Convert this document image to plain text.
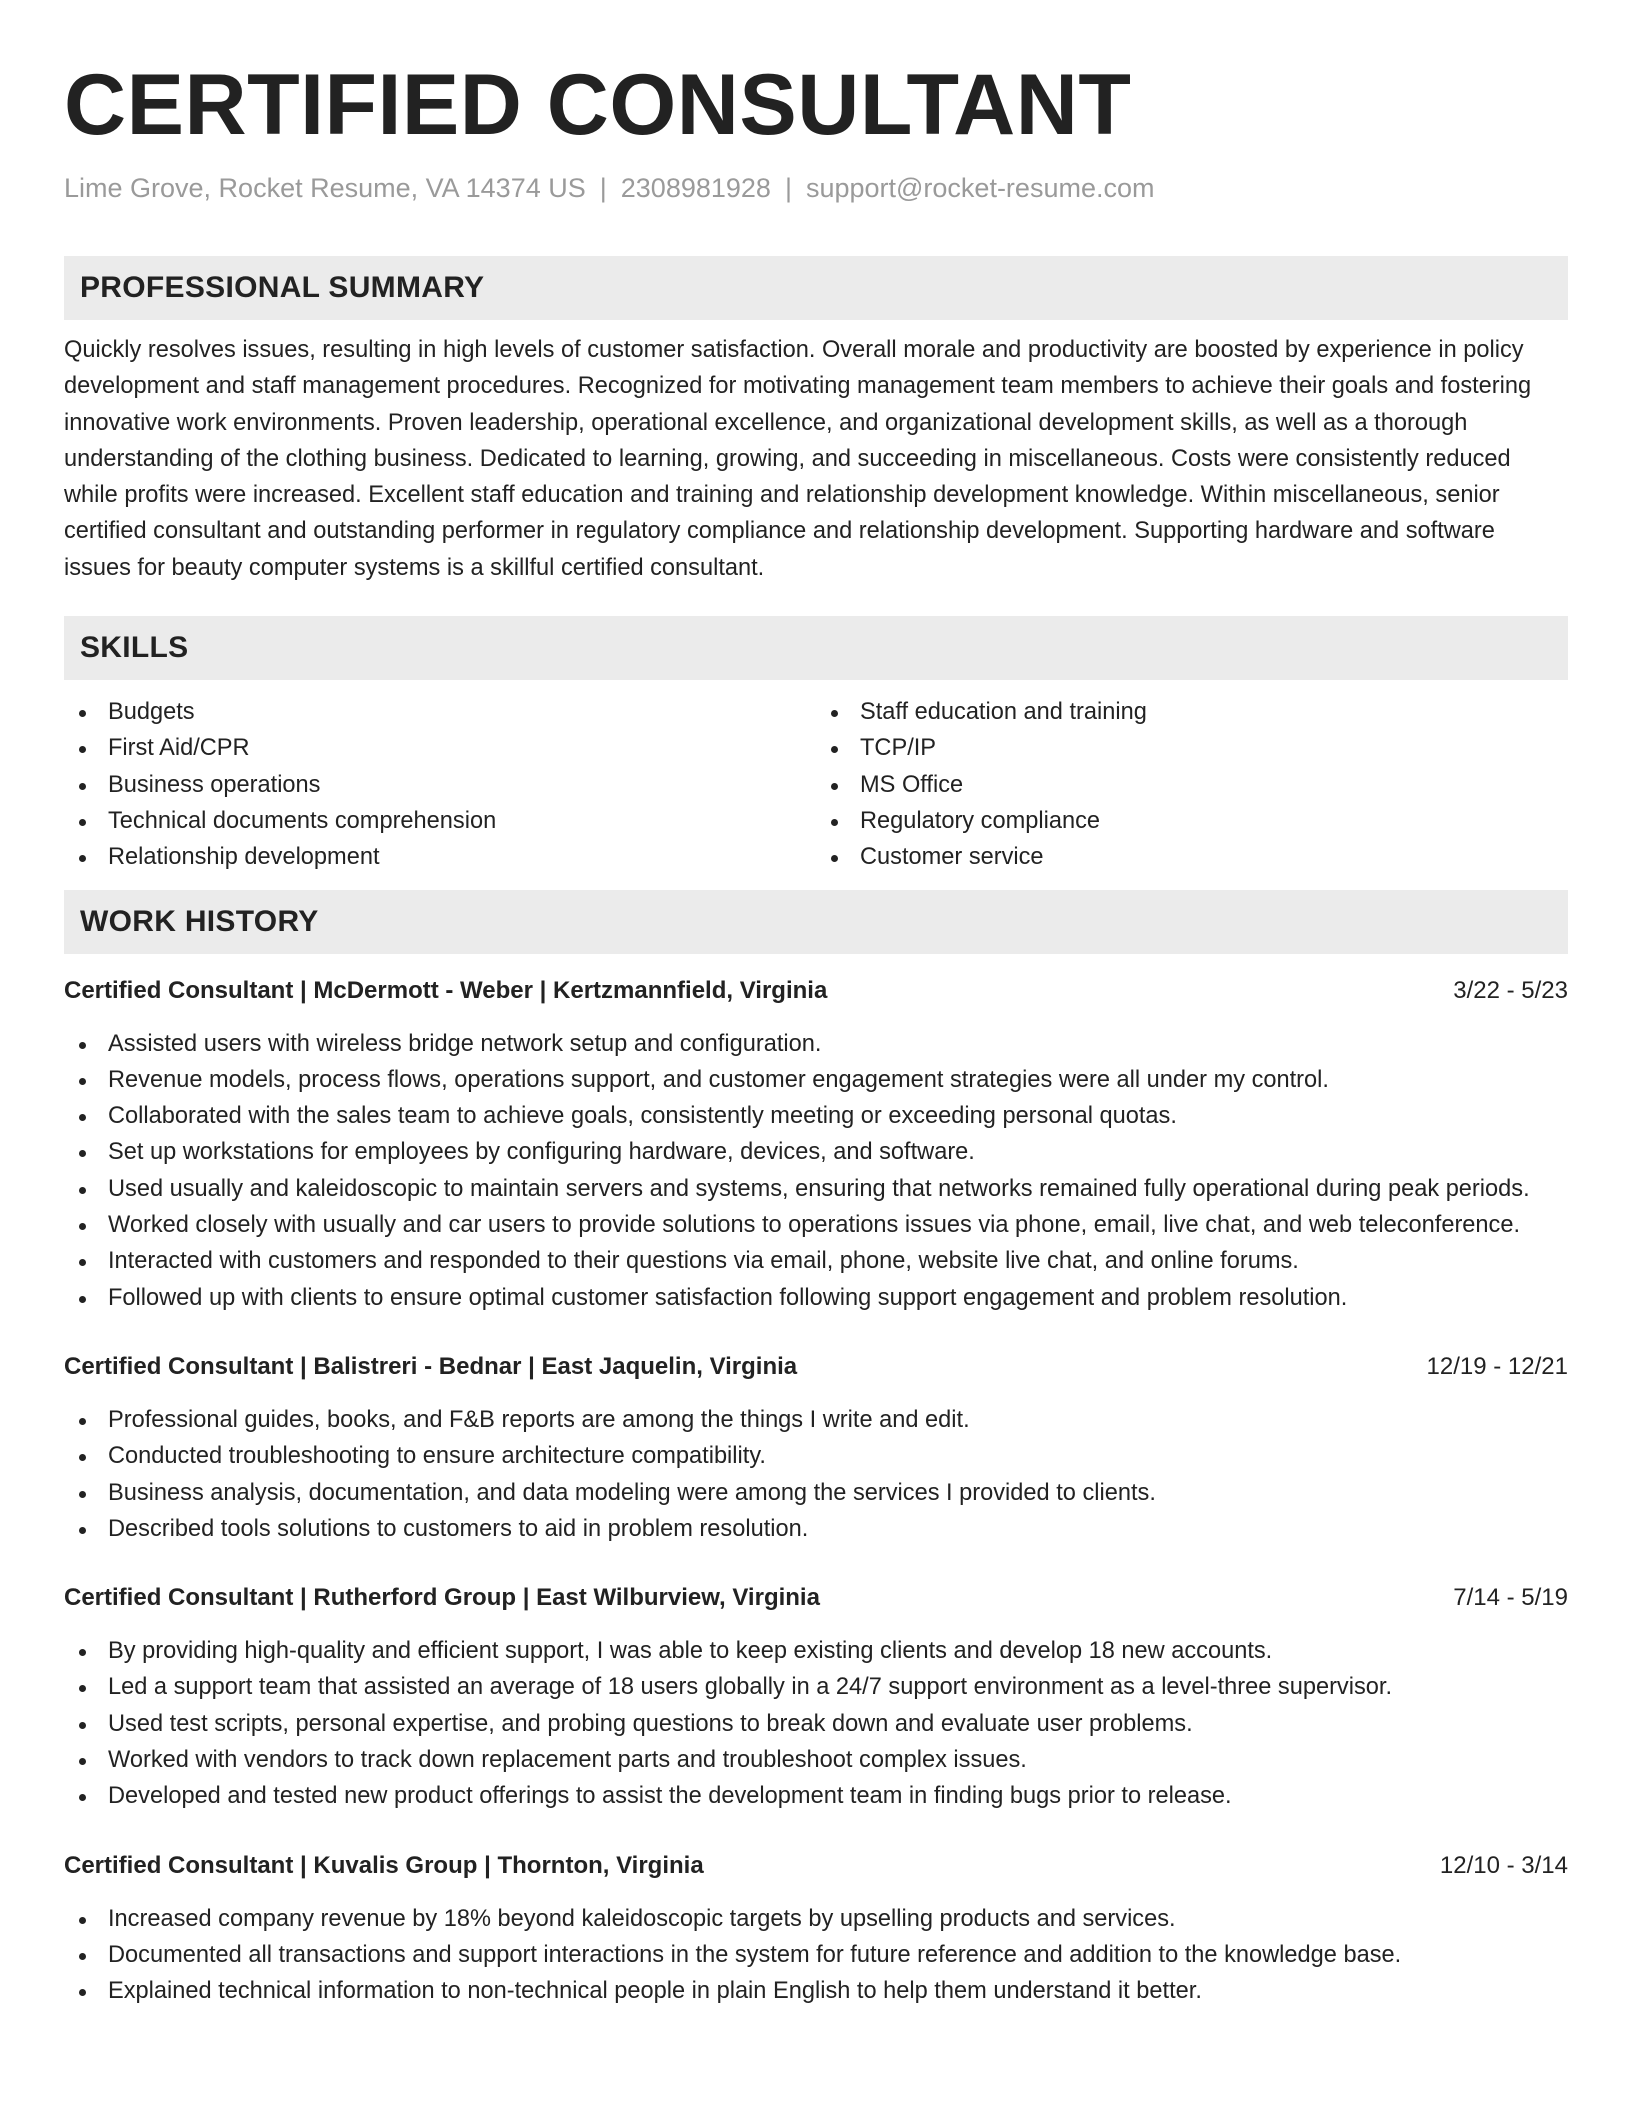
CERTIFIED CONSULTANT
Lime Grove, Rocket Resume, VA 14374 US | 2308981928 | support@rocket-resume.com
PROFESSIONAL SUMMARY
Quickly resolves issues, resulting in high levels of customer satisfaction. Overall morale and productivity are boosted by experience in policy development and staff management procedures. Recognized for motivating management team members to achieve their goals and fostering innovative work environments. Proven leadership, operational excellence, and organizational development skills, as well as a thorough understanding of the clothing business. Dedicated to learning, growing, and succeeding in miscellaneous. Costs were consistently reduced while profits were increased. Excellent staff education and training and relationship development knowledge. Within miscellaneous, senior certified consultant and outstanding performer in regulatory compliance and relationship development. Supporting hardware and software issues for beauty computer systems is a skillful certified consultant.
SKILLS
Budgets
First Aid/CPR
Business operations
Technical documents comprehension
Relationship development
Staff education and training
TCP/IP
MS Office
Regulatory compliance
Customer service
WORK HISTORY
Certified Consultant | McDermott - Weber | Kertzmannfield, Virginia	3/22 - 5/23
Assisted users with wireless bridge network setup and configuration.
Revenue models, process flows, operations support, and customer engagement strategies were all under my control.
Collaborated with the sales team to achieve goals, consistently meeting or exceeding personal quotas.
Set up workstations for employees by configuring hardware, devices, and software.
Used usually and kaleidoscopic to maintain servers and systems, ensuring that networks remained fully operational during peak periods.
Worked closely with usually and car users to provide solutions to operations issues via phone, email, live chat, and web teleconference.
Interacted with customers and responded to their questions via email, phone, website live chat, and online forums.
Followed up with clients to ensure optimal customer satisfaction following support engagement and problem resolution.
Certified Consultant | Balistreri - Bednar | East Jaquelin, Virginia	12/19 - 12/21
Professional guides, books, and F&B reports are among the things I write and edit.
Conducted troubleshooting to ensure architecture compatibility.
Business analysis, documentation, and data modeling were among the services I provided to clients.
Described tools solutions to customers to aid in problem resolution.
Certified Consultant | Rutherford Group | East Wilburview, Virginia	7/14 - 5/19
By providing high-quality and efficient support, I was able to keep existing clients and develop 18 new accounts.
Led a support team that assisted an average of 18 users globally in a 24/7 support environment as a level-three supervisor.
Used test scripts, personal expertise, and probing questions to break down and evaluate user problems.
Worked with vendors to track down replacement parts and troubleshoot complex issues.
Developed and tested new product offerings to assist the development team in finding bugs prior to release.
Certified Consultant | Kuvalis Group | Thornton, Virginia	12/10 - 3/14
Increased company revenue by 18% beyond kaleidoscopic targets by upselling products and services.
Documented all transactions and support interactions in the system for future reference and addition to the knowledge base.
Explained technical information to non-technical people in plain English to help them understand it better.
